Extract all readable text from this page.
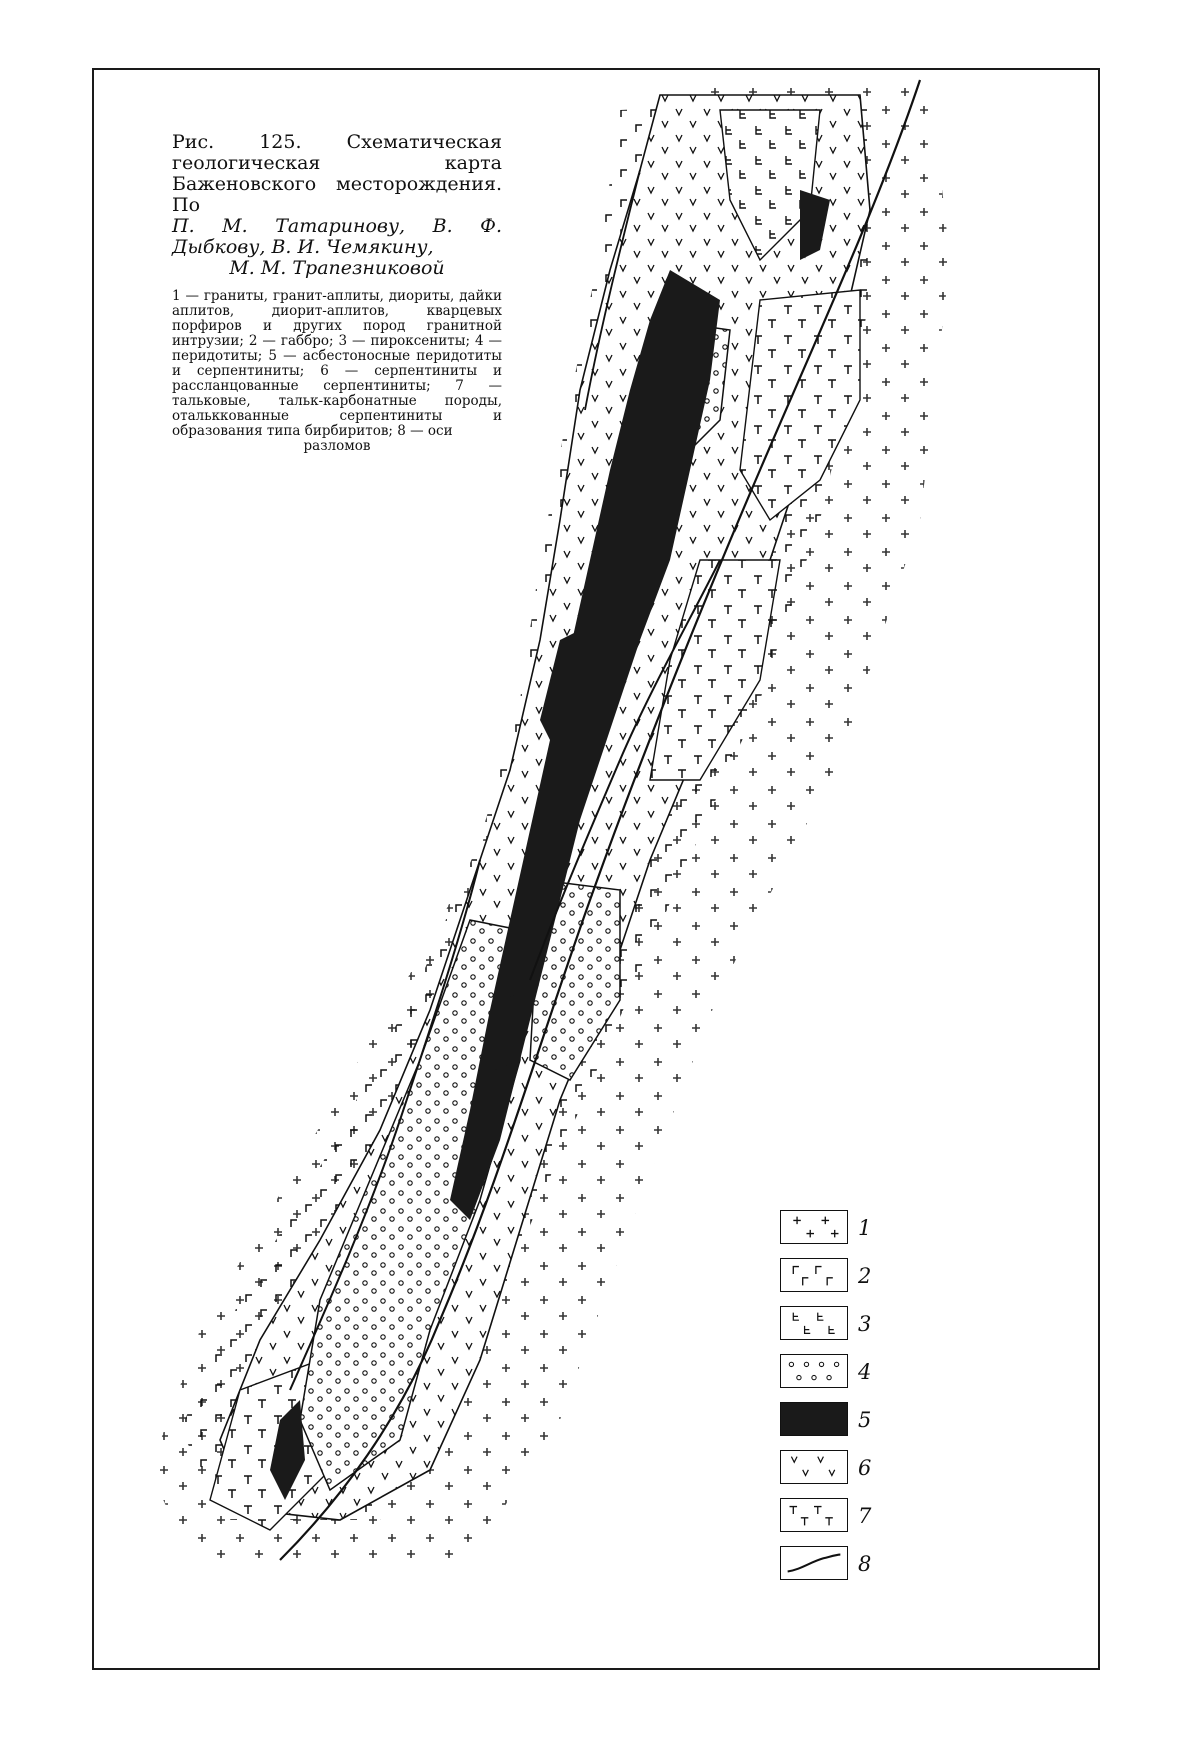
Рис. 125. Схематическая геологическая карта Баженовского месторождения. По

П. М. Татаринову, В. Ф. Дыбкову, В. И. Чемякину,
М. М. Трапезниковой

1 — граниты, гранит-аплиты, диориты, дайки аплитов, диорит-аплитов, кварцевых порфиров и других пород гранитной интрузии; 2 — габбро; 3 — пироксениты; 4 — перидотиты; 5 — асбестоносные перидотиты и серпентиниты; 6 — серпентиниты и рассланцованные серпентиниты; 7 — тальковые, тальк-карбонатные породы, отальккованные серпентиниты и образования типа бирбиритов; 8 — оси
разломов
1
2
3
4
5
6
7
8
